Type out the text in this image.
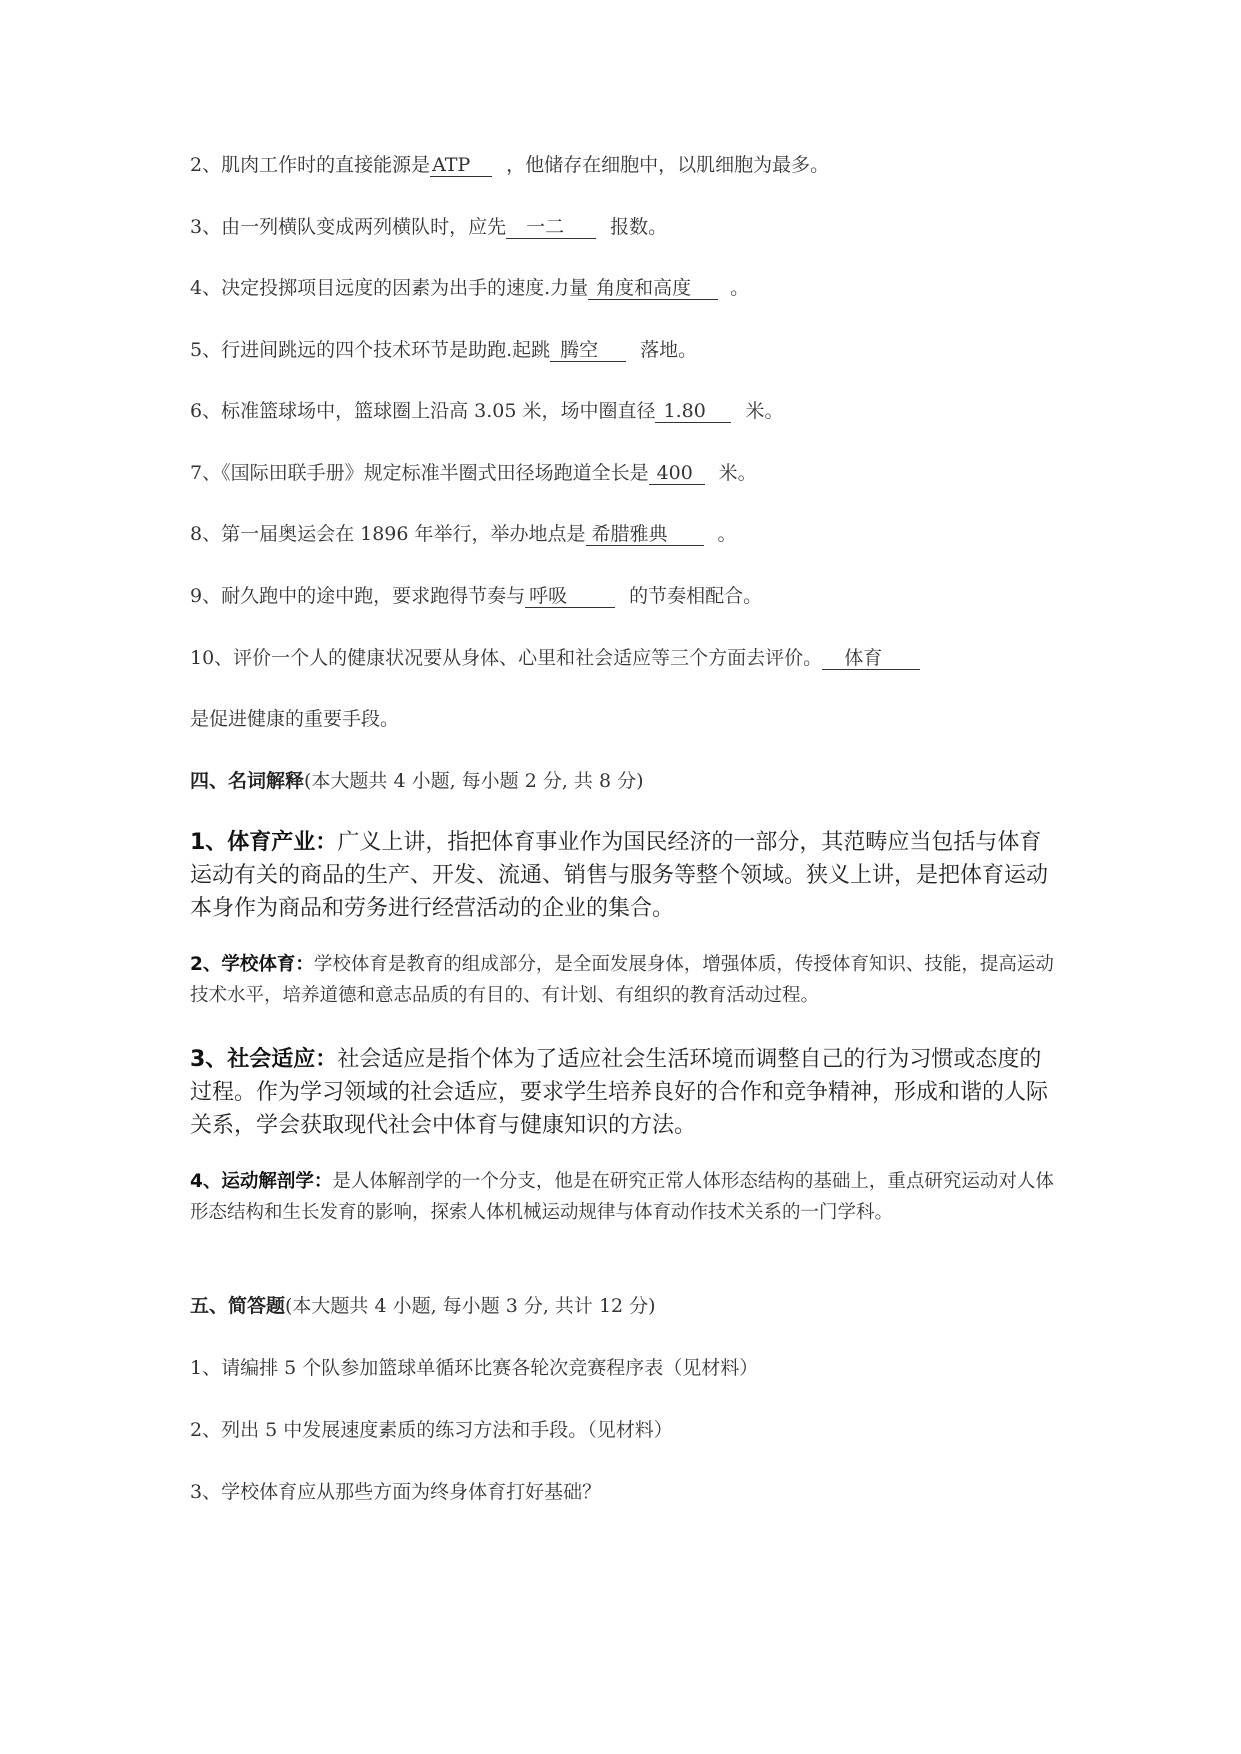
2、肌肉工作时的直接能源是 ATP ，他储存在细胞中，以肌细胞为最多。
3、由一列横队变成两列横队时，应先 一二 报数。
4、决定投掷项目远度的因素为出手的速度.力量 角度和高度 。
5、行进间跳远的四个技术环节是助跑.起跳 腾空 落地。
6、标准篮球场中，篮球圈上沿高 3.05 米，场中圈直径 1.80 米。
7、《国际田联手册》规定标准半圈式田径场跑道全长是 400 米。
8、第一届奥运会在 1896 年举行，举办地点是 希腊雅典	。
9、耐久跑中的途中跑，要求跑得节奏与 呼吸	的节奏相配合。
10、评价一个人的健康状况要从身体、心里和社会适应等三个方面去评价。 体育
是促进健康的重要手段。
四、名词解释(本大题共 4 小题, 每小题 2 分, 共 8 分)
1、体育产业：广义上讲，指把体育事业作为国民经济的一部分，其范畴应当包括与体育运动有关的商品的生产、开发、流通、销售与服务等整个领域。狭义上讲，是把体育运动本身作为商品和劳务进行经营活动的企业的集合。
2、学校体育：学校体育是教育的组成部分，是全面发展身体，增强体质，传授体育知识、技能，提高运动技术水平，培养道德和意志品质的有目的、有计划、有组织的教育活动过程。
3、社会适应：社会适应是指个体为了适应社会生活环境而调整自己的行为习惯或态度的过程。作为学习领域的社会适应，要求学生培养良好的合作和竞争精神，形成和谐的人际关系，学会获取现代社会中体育与健康知识的方法。
4、运动解剖学：是人体解剖学的一个分支，他是在研究正常人体形态结构的基础上，重点研究运动对人体形态结构和生长发育的影响，探索人体机械运动规律与体育动作技术关系的一门学科。
五、简答题(本大题共 4 小题, 每小题 3 分, 共计 12 分)
1、请编排 5 个队参加篮球单循环比赛各轮次竞赛程序表（见材料）
2、列出 5 中发展速度素质的练习方法和手段。（见材料）
3、学校体育应从那些方面为终身体育打好基础？
